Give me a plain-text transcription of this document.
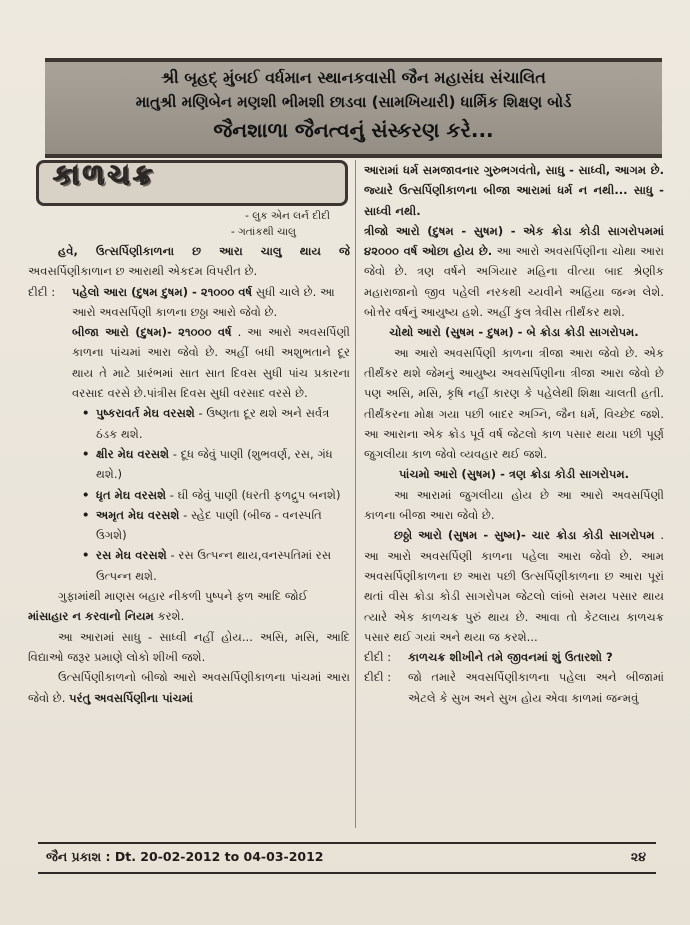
શ્રી બૃહદ્ મુંબઈ વર્ધમાન સ્થાનકવાસી જૈન મહાસંઘ સંચાલિત
માતુશ્રી મણિબેન મણશી ભીમશી છાડવા (સામખિયારી) ધાર્મિક શિક્ષણ બોર્ડ
જૈનશાળા જૈનત્વનું સંસ્કરણ કરે...
કાળચક્ર
- લુક એન લર્ન દીદી
- ગતાંકથી ચાલુ

હવે, ઉત્સર્પિણીકાળના છ આરા ચાલુ થાય જે અવસર્પિણીકાળાન છ આરાથી એકદમ વિપરીત છે.

દીદી :	પહેલો આરા (દુષમ દુષમ) - ૨૧૦૦૦ વર્ષ સુધી ચાલે છે. આ આરો અવસર્પિણી કાળના છઠ્ઠા આરો જેવો છે.

બીજા આરો (દુષમ)- ૨૧૦૦૦ વર્ષ . આ આરો અવસર્પિણી કાળના પાંચમાં આરા જેવો છે. અહીં બધી અશુભતાને દૂર થાય તે માટે પ્રારંભમાં સાત સાત દિવસ સુધી પાંચ પ્રકારના વરસાદ વરસે છે.પાંત્રીસ દિવસ સુધી વરસાદ વરસે છે.

• પુષ્કરાવર્ત મેઘ વરસશે - ઉષ્ણતા દૂર થશે અને સર્વત્ર ઠંડક થશે.
• ક્ષીર મેઘ વરસશે - દૂધ જેવું પાણી (શુભવર્ણ, રસ, ગંધ થશે.)
• ધૃત મેઘ વરસશે - ઘી જેવું પાણી (ધરતી ફળદ્રુપ બનશે)
• અમૃત મેઘ વરસશે - સ્હેદ પાણી (બીજ - વનસ્પતિ ઉગશે)
• રસ મેઘ વરસશે - રસ ઉત્પન્ન થાય,વનસ્પતિમાં રસ ઉત્પન્ન થશે.

ગુફામાંથી માણસ બહાર નીકળી પુષ્પને ફળ આદિ જોઈ

માંસાહાર ન કરવાનો નિયમ કરશે.

આ આરામાં સાધુ - સાધ્વી નહીં હોય... અસિ, મસિ, આદિ વિદ્યાઓ જરૂર પ્રમાણે લોકો શીખી જશે.

ઉત્સર્પિણીકાળનો બીજો આરો અવસર્પિણીકાળના પાંચમાં આરા જેવો છે. પરંતુ અવસર્પિણીના પાંચમાં

આરામાં ધર્મ સમજાવનાર ગુરુભગવંતો, સાધુ - સાધ્વી, આગમ છે. જ્યારે ઉત્સર્પિણીકાળના બીજા આરામાં ધર્મ ન નથી... સાધુ - સાધ્વી નથી.

ત્રીજો આરો (દુષમ - સુષમ) - એક ક્રોડા કોડી સાગરોપમમાં ૪૨૦૦૦ વર્ષ ઓછા હોય છે. આ આરો અવસર્પિણીના ચોથા આરા જેવો છે. ત્રણ વર્ષને અગિયાર મહિના વીત્યા બાદ શ્રેણીક મહારાજાનો જીવ પહેલી નરકથી ચ્યવીને અહિંયા જન્મ લેશે. બોત્તેર વર્ષનું આયુષ્ય હશે. અહીં કુલ ત્રેવીસ તીર્થંકર થશે.

ચોથો આરો (સુષમ - દુષમ) - બે ક્રોડા ક્રોડી સાગરોપમ.

આ આરો અવસર્પિણી કાળના ત્રીજા આરા જેવો છે. એક તીર્થંકર થશે જેમનું આયુષ્ય અવસર્પિણીના ત્રીજા આરા જેવો છે પણ અસિ, મસિ, કૃષિ નહીં કારણ કે પહેલેથી શિક્ષા ચાલતી હતી. તીર્થંકરના મોક્ષ ગયા પછી બાદર અગ્નિ, જૈન ધર્મ, વિચ્છેદ જશે. આ આરાના એક ક્રોડ પૂર્વ વર્ષ જેટલો કાળ પસાર થયા પછી પૂર્ણ જુગલીયા કાળ જેવો વ્યવહાર થઈ જશે.

પાંચમો આરો (સુષમ) - ત્રણ ક્રોડા કોડી સાગરોપમ.

આ આરામાં જુગલીયા હોય છે આ આરો અવસર્પિણી કાળના બીજા આરા જેવો છે.

છઠ્ઠો આરો (સુષમ - સુષ્મ)- ચાર ક્રોડા કોડી સાગરોપમ . આ આરો અવસર્પિણી કાળના પહેલા આરા જેવો છે. આમ અવસર્પિણીકાળના છ આરા પછી ઉત્સર્પિણીકાળના છ આરા પૂરાં થતાં વીસ ક્રોડા કોડી સાગરોપમ જેટલો લાંબો સમય પસાર થાય ત્યારે એક કાળચક્ર પુરું થાય છે. આવા તો કેટલાય કાળચક્ર પસાર થઈ ગયાં અને થયા જ કરશે...

દીદી :	કાળચક્ર શીખીને તમે જીવનમાં શું ઉતારશો ?
દીદી :	જો તમારે અવસર્પિણીકાળના પહેલા અને બીજામાં એટલે કે સુખ અને સુખ હોય એવા કાળમાં જન્મવું
જૈન પ્રકાશ : Dt. 20-02-2012 to 04-03-2012	૨૪
